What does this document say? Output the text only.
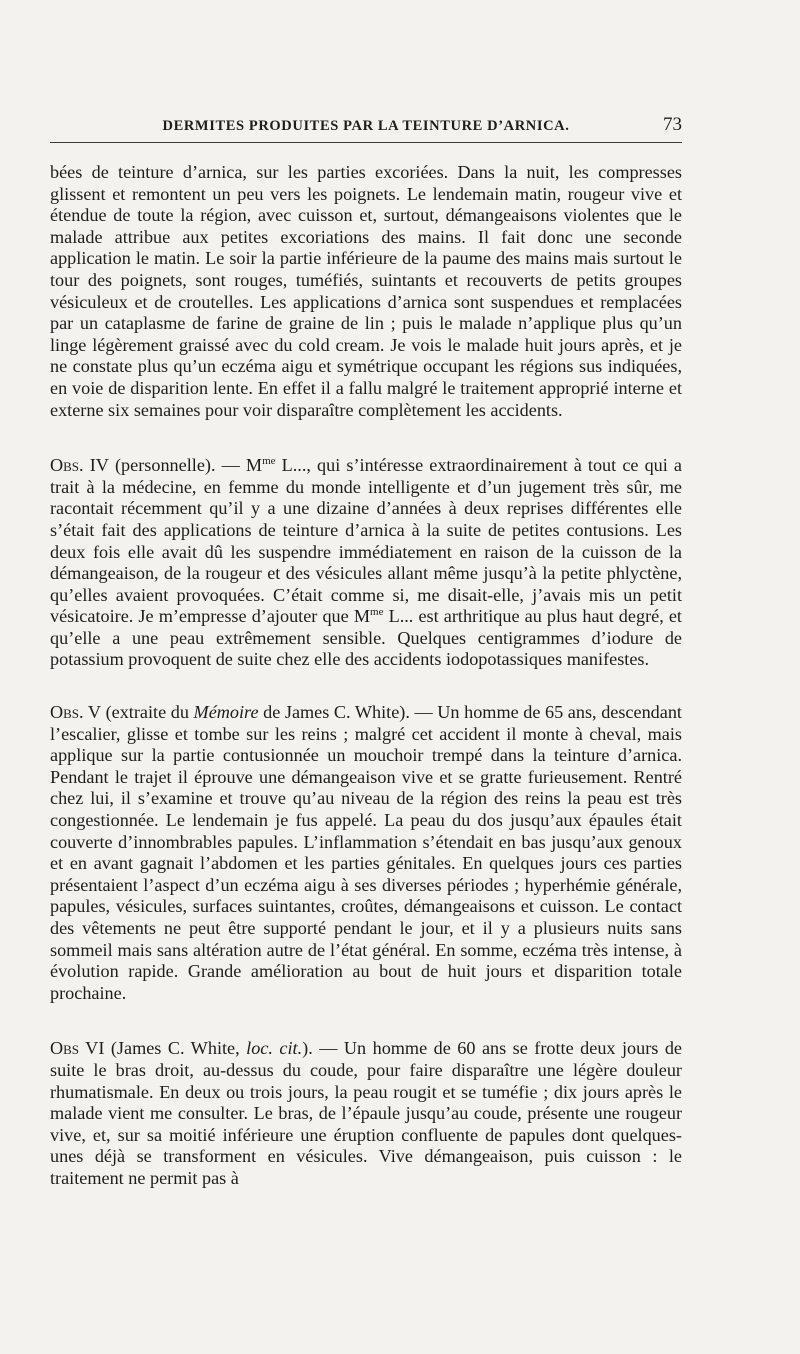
DERMITES PRODUITES PAR LA TEINTURE D’ARNICA.	73

bées de teinture d’arnica, sur les parties excoriées. Dans la nuit, les compresses glissent et remontent un peu vers les poignets. Le lendemain matin, rougeur vive et étendue de toute la région, avec cuisson et, surtout, démangeaisons violentes que le malade attribue aux petites excoriations des mains. Il fait donc une seconde application le matin. Le soir la partie inférieure de la paume des mains mais surtout le tour des poignets, sont rouges, tuméfiés, suintants et recouverts de petits groupes vésiculeux et de croutelles. Les applications d’arnica sont suspendues et remplacées par un cataplasme de farine de graine de lin ; puis le malade n’applique plus qu’un linge légèrement graissé avec du cold cream. Je vois le malade huit jours après, et je ne constate plus qu’un eczéma aigu et symétrique occupant les régions sus indiquées, en voie de disparition lente. En effet il a fallu malgré le traitement approprié interne et externe six semaines pour voir disparaître complètement les accidents.

Obs. IV (personnelle). — $M^{me}$ L..., qui s’intéresse extraordinairement à tout ce qui a trait à la médecine, en femme du monde intelligente et d’un jugement très sûr, me racontait récemment qu’il y a une dizaine d’années à deux reprises différentes elle s’était fait des applications de teinture d’arnica à la suite de petites contusions. Les deux fois elle avait dû les suspendre immédiatement en raison de la cuisson de la démangeaison, de la rougeur et des vésicules allant même jusqu’à la petite phlyctène, qu’elles avaient provoquées. C’était comme si, me disait-elle, j’avais mis un petit vésicatoire. Je m’empresse d’ajouter que $M^{me}$ L... est arthritique au plus haut degré, et qu’elle a une peau extrêmement sensible. Quelques centigrammes d’iodure de potassium provoquent de suite chez elle des accidents iodopotassiques manifestes.

Obs. V (extraite du Mémoire de James C. White). — Un homme de 65 ans, descendant l’escalier, glisse et tombe sur les reins ; malgré cet accident il monte à cheval, mais applique sur la partie contusionnée un mouchoir trempé dans la teinture d’arnica. Pendant le trajet il éprouve une démangeaison vive et se gratte furieusement. Rentré chez lui, il s’examine et trouve qu’au niveau de la région des reins la peau est très congestionnée. Le lendemain je fus appelé. La peau du dos jusqu’aux épaules était couverte d’innombrables papules. L’inflammation s’étendait en bas jusqu’aux genoux et en avant gagnait l’abdomen et les parties génitales. En quelques jours ces parties présentaient l’aspect d’un eczéma aigu à ses diverses périodes ; hyperhémie générale, papules, vésicules, surfaces suintantes, croûtes, démangeaisons et cuisson. Le contact des vêtements ne peut être supporté pendant le jour, et il y a plusieurs nuits sans sommeil mais sans altération autre de l’état général. En somme, eczéma très intense, à évolution rapide. Grande amélioration au bout de huit jours et disparition totale prochaine.

Obs VI (James C. White, loc. cit.). — Un homme de 60 ans se frotte deux jours de suite le bras droit, au-dessus du coude, pour faire disparaître une légère douleur rhumatismale. En deux ou trois jours, la peau rougit et se tuméfie ; dix jours après le malade vient me consulter. Le bras, de l’épaule jusqu’au coude, présente une rougeur vive, et, sur sa moitié inférieure une éruption confluente de papules dont quelques-unes déjà se transforment en vésicules. Vive démangeaison, puis cuisson : le traitement ne permit pas à
